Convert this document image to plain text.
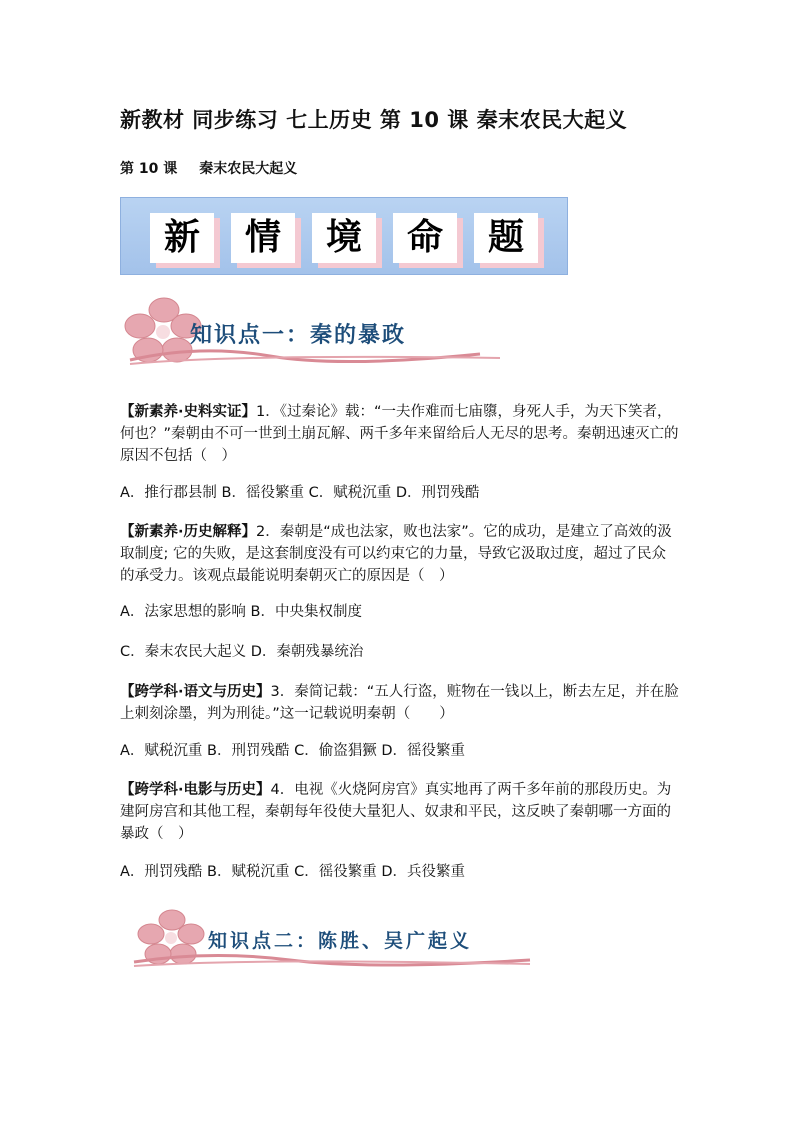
新教材 同步练习 七上历史 第 10 课 秦末农民大起义
第 10 课 秦末农民大起义
新	情	境	命	题
知识点一：秦的暴政
【新素养·史料实证】1．《过秦论》载：“一夫作难而七庙隳，身死人手，为天下笑者，何也？”秦朝由不可一世到土崩瓦解、两千多年来留给后人无尽的思考。秦朝迅速灭亡的原因不包括（　）
A．推行郡县制 B．徭役繁重 C．赋税沉重 D．刑罚残酷
【新素养·历史解释】2．秦朝是“成也法家，败也法家”。它的成功，是建立了高效的汲取制度; 它的失败，是这套制度没有可以约束它的力量，导致它汲取过度，超过了民众的承受力。该观点最能说明秦朝灭亡的原因是（　）
A．法家思想的影响 B．中央集权制度
C．秦末农民大起义 D．秦朝残暴统治
【跨学科·语文与历史】3．秦简记载：“五人行盗，赃物在一钱以上，断去左足，并在脸上刺刻涂墨，判为刑徒。”这一记载说明秦朝（　　）
A．赋税沉重 B．刑罚残酷 C．偷盗猖獗 D．徭役繁重
【跨学科·电影与历史】4．电视《火烧阿房宫》真实地再了两千多年前的那段历史。为建阿房宫和其他工程，秦朝每年役使大量犯人、奴隶和平民，这反映了秦朝哪一方面的暴政（　）
A．刑罚残酷 B．赋税沉重 C．徭役繁重 D．兵役繁重
知识点二：陈胜、吴广起义
